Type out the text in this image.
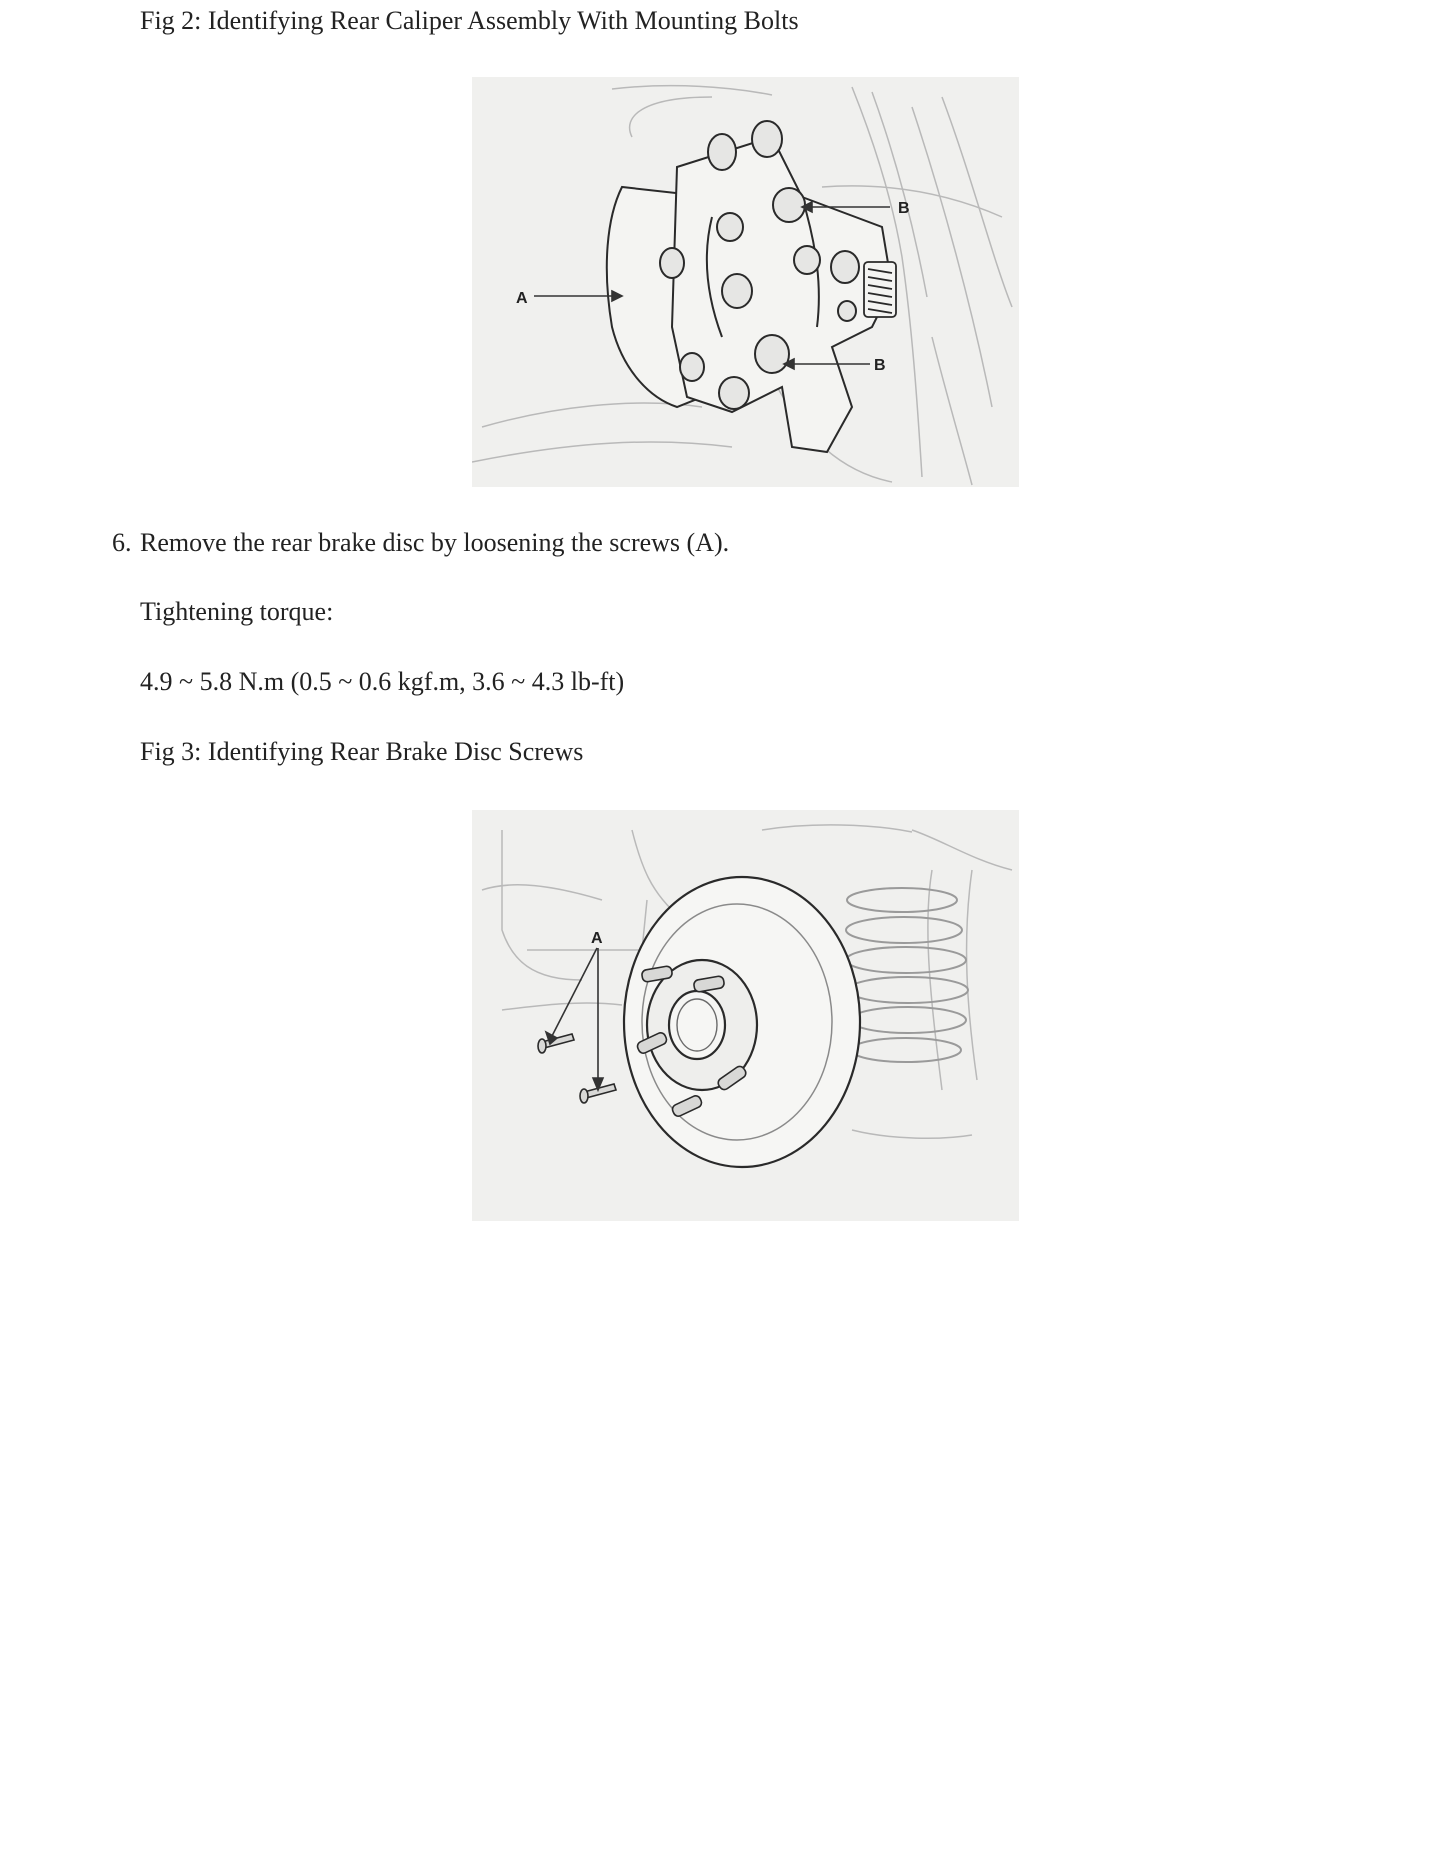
Fig 2: Identifying Rear Caliper Assembly With Mounting Bolts
A
B
B
6. Remove the rear brake disc by loosening the screws (A).
Tightening torque:
4.9 ~ 5.8 N.m (0.5 ~ 0.6 kgf.m, 3.6 ~ 4.3 lb-ft)
Fig 3: Identifying Rear Brake Disc Screws
A
